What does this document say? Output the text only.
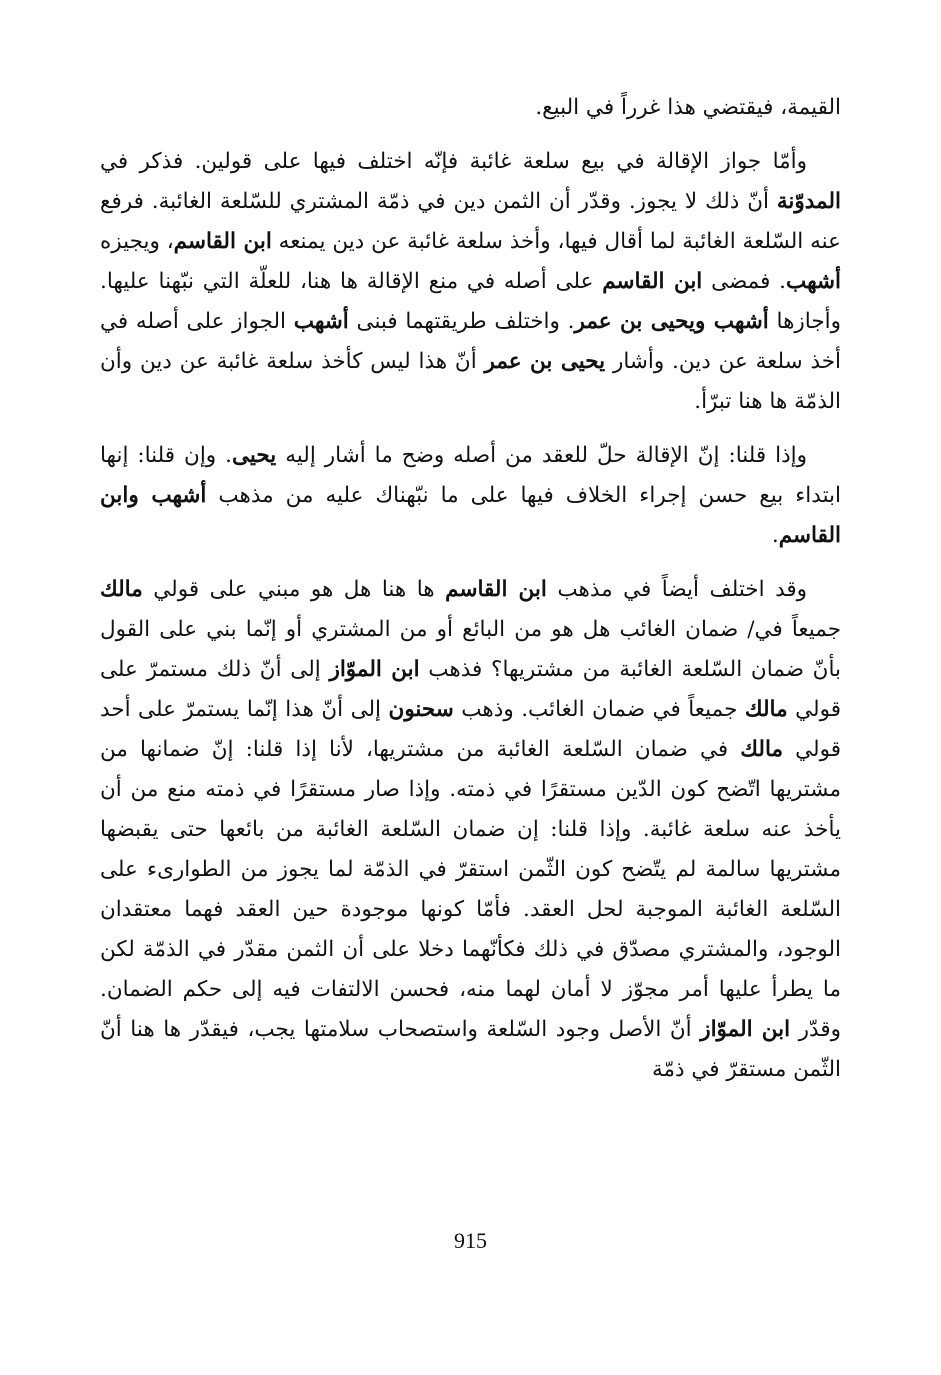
القيمة، فيقتضي هذا غرراً في البيع.

وأمّا جواز الإقالة في بيع سلعة غائبة فإنّه اختلف فيها على قولين. فذكر في المدوّنة أنّ ذلك لا يجوز. وقدّر أن الثمن دين في ذمّة المشتري للسّلعة الغائبة. فرفع عنه السّلعة الغائبة لما أقال فيها، وأخذ سلعة غائبة عن دين يمنعه ابن القاسم، ويجيزه أشهب. فمضى ابن القاسم على أصله في منع الإقالة ها هنا، للعلّة التي نبّهنا عليها. وأجازها أشهب ويحيى بن عمر. واختلف طريقتهما فبنى أشهب الجواز على أصله في أخذ سلعة عن دين. وأشار يحيى بن عمر أنّ هذا ليس كأخذ سلعة غائبة عن دين وأن الذمّة ها هنا تبرّأ.

وإذا قلنا: إنّ الإقالة حلّ للعقد من أصله وضح ما أشار إليه يحيى. وإن قلنا: إنها ابتداء بيع حسن إجراء الخلاف فيها على ما نبّهناك عليه من مذهب أشهب وابن القاسم.

وقد اختلف أيضاً في مذهب ابن القاسم ها هنا هل هو مبني على قولي مالك جميعاً في/ ضمان الغائب هل هو من البائع أو من المشتري أو إنّما بني على القول بأنّ ضمان السّلعة الغائبة من مشتريها؟ فذهب ابن الموّاز إلى أنّ ذلك مستمرّ على قولي مالك جميعاً في ضمان الغائب. وذهب سحنون إلى أنّ هذا إنّما يستمرّ على أحد قولي مالك في ضمان السّلعة الغائبة من مشتريها، لأنا إذا قلنا: إنّ ضمانها من مشتريها اتّضح كون الدّين مستقرًا في ذمته. وإذا صار مستقرًا في ذمته منع من أن يأخذ عنه سلعة غائبة. وإذا قلنا: إن ضمان السّلعة الغائبة من بائعها حتى يقبضها مشتريها سالمة لم يتّضح كون الثّمن استقرّ في الذمّة لما يجوز من الطوارىء على السّلعة الغائبة الموجبة لحل العقد. فأمّا كونها موجودة حين العقد فهما معتقدان الوجود، والمشتري مصدّق في ذلك فكأنّهما دخلا على أن الثمن مقدّر في الذمّة لكن ما يطرأ عليها أمر مجوّز لا أمان لهما منه، فحسن الالتفات فيه إلى حكم الضمان. وقدّر ابن الموّاز أنّ الأصل وجود السّلعة واستصحاب سلامتها يجب، فيقدّر ها هنا أنّ الثّمن مستقرّ في ذمّة

915
